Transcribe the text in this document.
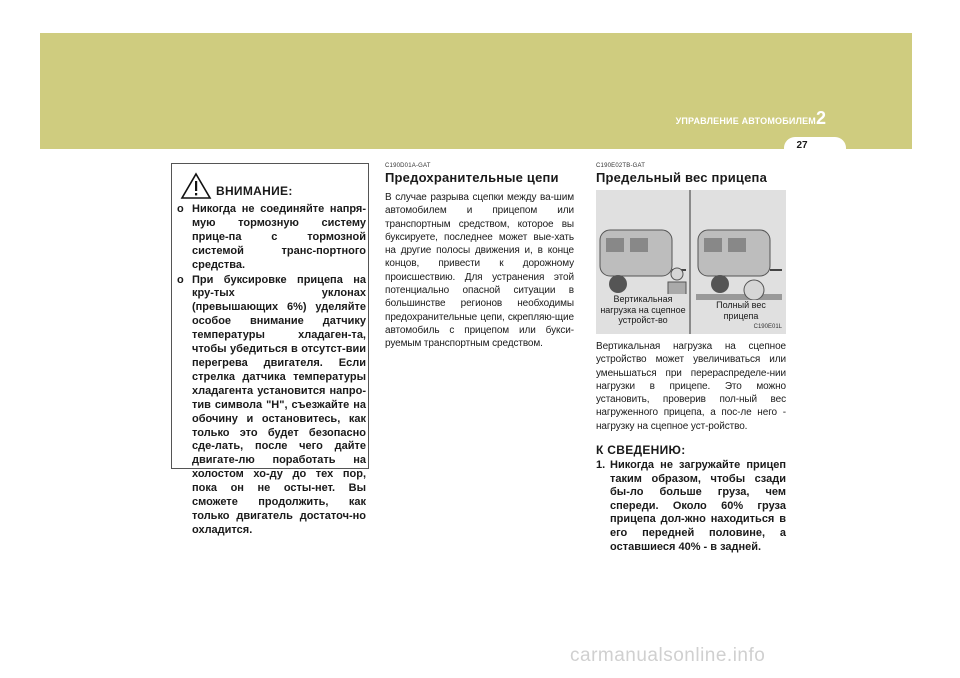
УПРАВЛЕНИЕ АВТОМОБИЛЕМ 2
27
ВНИМАНИЕ:
o Никогда не соединяйте напря-мую тормозную систему прице-па с тормозной системой транс-портного средства.
o При буксировке прицепа на кру-тых уклонах (превышающих 6%) уделяйте особое внимание датчику температуры хладаген-та, чтобы убедиться в отсутст-вии перегрева двигателя. Если стрелка датчика температуры хладагента установится напро-тив символа "H", съезжайте на обочину и остановитесь, как только это будет безопасно сде-лать, после чего дайте двигате-лю поработать на холостом хо-ду до тех пор, пока он не осты-нет. Вы сможете продолжить, как только двигатель достаточ-но охладится.
C190D01A-GAT
Предохранительные цепи
В случае разрыва сцепки между ва-шим автомобилем и прицепом или транспортным средством, которое вы буксируете, последнее может вые-хать на другие полосы движения и, в конце концов, привести к дорожному происшествию. Для устранения этой потенциально опасной ситуации в большинстве регионов необходимы предохранительные цепи, скрепляю-щие автомобиль с прицепом или букси-руемым транспортным средством.
C190E02TB-GAT
Предельный вес прицепа
Вертикальная нагрузка на сцепное устройст-во
Полный вес прицепа
C190E01L
Вертикальная нагрузка на сцепное устройство может увеличиваться или уменьшаться при перераспределе-нии нагрузки в прицепе. Это можно установить, проверив пол-ный вес нагруженного прицепа, а пос-ле него - нагрузку на сцепное уст-ройство.
К СВЕДЕНИЮ:
1. Никогда не загружайте прицеп таким образом, чтобы сзади бы-ло больше груза, чем спереди. Около 60% груза прицепа дол-жно находиться в его передней половине, а оставшиеся 40% - в задней.
carmanualsonline.info
